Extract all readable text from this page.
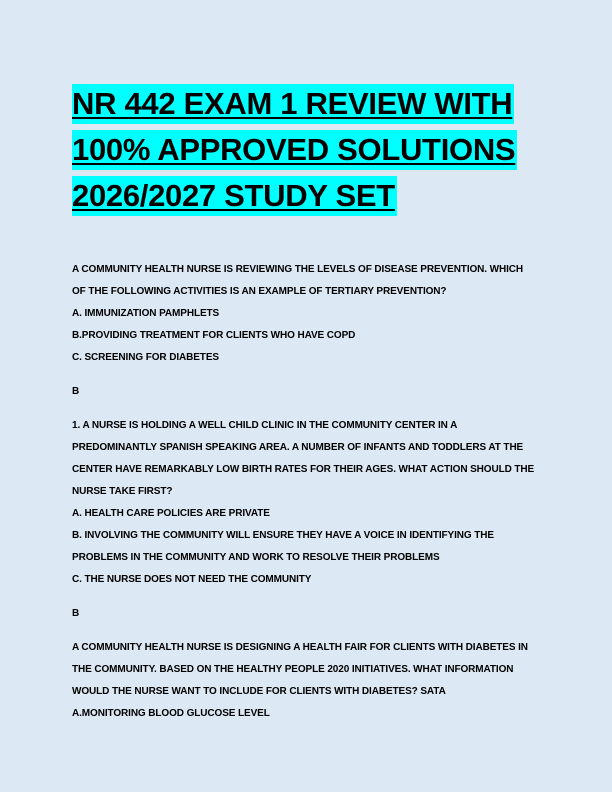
NR 442 EXAM 1 REVIEW WITH
100% APPROVED SOLUTIONS
2026/2027 STUDY SET

A COMMUNITY HEALTH NURSE IS REVIEWING THE LEVELS OF DISEASE PREVENTION. WHICH

OF THE FOLLOWING ACTIVITIES IS AN EXAMPLE OF TERTIARY PREVENTION?

A. IMMUNIZATION PAMPHLETS

B.PROVIDING TREATMENT FOR CLIENTS WHO HAVE COPD

C. SCREENING FOR DIABETES

B

1. A NURSE IS HOLDING A WELL CHILD CLINIC IN THE COMMUNITY CENTER IN A

PREDOMINANTLY SPANISH SPEAKING AREA. A NUMBER OF INFANTS AND TODDLERS AT THE

CENTER HAVE REMARKABLY LOW BIRTH RATES FOR THEIR AGES. WHAT ACTION SHOULD THE

NURSE TAKE FIRST?

A. HEALTH CARE POLICIES ARE PRIVATE

B. INVOLVING THE COMMUNITY WILL ENSURE THEY HAVE A VOICE IN IDENTIFYING THE

PROBLEMS IN THE COMMUNITY AND WORK TO RESOLVE THEIR PROBLEMS

C. THE NURSE DOES NOT NEED THE COMMUNITY

B

A COMMUNITY HEALTH NURSE IS DESIGNING A HEALTH FAIR FOR CLIENTS WITH DIABETES IN

THE COMMUNITY. BASED ON THE HEALTHY PEOPLE 2020 INITIATIVES. WHAT INFORMATION

WOULD THE NURSE WANT TO INCLUDE FOR CLIENTS WITH DIABETES? SATA

A.MONITORING BLOOD GLUCOSE LEVEL
